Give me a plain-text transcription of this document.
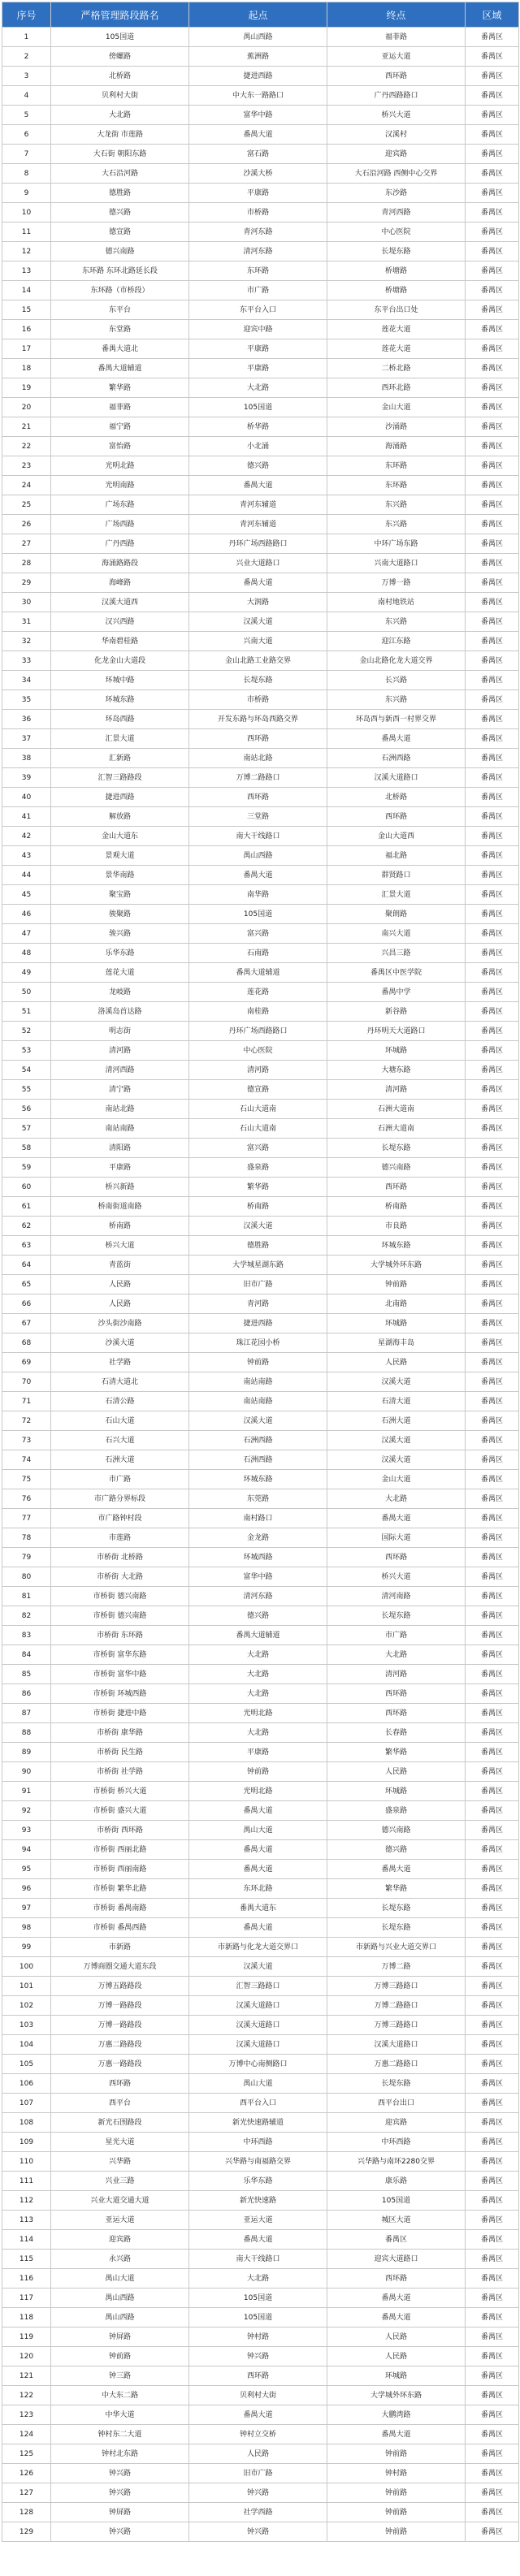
序号	严格管理路段路名	起点	终点	区域
1	105国道	禺山西路	福菲路	番禺区
2	傍螺路	蕉洲路	亚运大道	番禺区
3	北桥路	捷进西路	西环路	番禺区
4	贝利村大街	中大东一路路口	广丹西路路口	番禺区
5	大北路	富华中路	桥兴大道	番禺区
6	大龙街 市莲路	番禺大道	汉溪村	番禺区
7	大石街 朝阳东路	富石路	迎宾路	番禺区
8	大石沿河路	沙溪大桥	大石沿河路 西侧中心交界	番禺区
9	德胜路	平康路	东沙路	番禺区
10	德兴路	市桥路	青河西路	番禺区
11	德宣路	青河东路	中心医院	番禺区
12	德兴南路	清河东路	长堤东路	番禺区
13	东环路 东环北路延长段	东环路	桥塘路	番禺区
14	东环路（市桥段）	市广路	桥塘路	番禺区
15	东平台	东平台入口	东平台出口处	番禺区
16	东堂路	迎宾中路	莲花大道	番禺区
17	番禺大道北	平康路	莲花大道	番禺区
18	番禺大道辅道	平康路	二桥北路	番禺区
19	繁华路	大北路	西环北路	番禺区
20	福菲路	105国道	金山大道	番禺区
21	福宁路	桥华路	沙涌路	番禺区
22	富怡路	小北涌	海涌路	番禺区
23	光明北路	德兴路	东环路	番禺区
24	光明南路	番禺大道	东环路	番禺区
25	广场东路	青河东辅道	东兴路	番禺区
26	广场西路	青河东辅道	东兴路	番禺区
27	广丹西路	丹环广场西路路口	中环广场东路	番禺区
28	海涌路路段	兴业大道路口	兴南大道路口	番禺区
29	海峰路	番禺大道	万博一路	番禺区
30	汉溪大道西	大润路	南村地铁站	番禺区
31	汉兴西路	汉溪大道	东兴路	番禺区
32	华南碧桂路	兴南大道	迎江东路	番禺区
33	化龙金山大道段	金山北路工业路交界	金山北路化龙大道交界	番禺区
34	环城中路	长堤东路	长兴路	番禺区
35	环城东路	市桥路	东兴路	番禺区
36	环岛西路	开发东路与环岛西路交界	环岛西与新西一村界交界	番禺区
37	汇景大道	西环路	番禺大道	番禺区
38	汇新路	南站北路	石洲西路	番禺区
39	汇智三路路段	万博二路路口	汉溪大道路口	番禺区
40	捷进西路	西环路	北桥路	番禺区
41	解放路	三堂路	西环路	番禺区
42	金山大道东	南大干线路口	金山大道西	番禺区
43	景观大道	禺山西路	福北路	番禺区
44	景华南路	番禺大道	群贤路口	番禺区
45	聚宝路	南华路	汇景大道	番禺区
46	骏聚路	105国道	聚朗路	番禺区
47	骏兴路	富兴路	南兴大道	番禺区
48	乐华东路	石南路	兴昌三路	番禺区
49	莲花大道	番禺大道辅道	番禺区中医学院	番禺区
50	龙岐路	莲花路	番禺中学	番禺区
51	洛溪岛首达路	南桂路	新谷路	番禺区
52	明志街	丹环广场西路路口	丹环明天大道路口	番禺区
53	清河路	中心医院	环城路	番禺区
54	清河西路	清河路	大塘东路	番禺区
55	清宁路	德宣路	清河路	番禺区
56	南站北路	石山大道南	石洲大道南	番禺区
57	南站南路	石山大道南	石洲大道南	番禺区
58	清阳路	富兴路	长堤东路	番禺区
59	平康路	盛泉路	德兴南路	番禺区
60	桥兴新路	繁华路	西环路	番禺区
61	桥南街道南路	桥南路	桥南路	番禺区
62	桥南路	汉溪大道	市良路	番禺区
63	桥兴大道	德胜路	环城东路	番禺区
64	青蓝街	大学城星湖东路	大学城外环东路	番禺区
65	人民路	旧市广路	钟前路	番禺区
66	人民路	青河路	北南路	番禺区
67	沙头街沙南路	捷进西路	环城路	番禺区
68	沙溪大道	珠江花园小桥	星湖海丰岛	番禺区
69	社学路	钟前路	人民路	番禺区
70	石清大道北	南站南路	汉溪大道	番禺区
71	石清公路	南站南路	石清大道	番禺区
72	石山大道	汉溪大道	石洲大道	番禺区
73	石兴大道	石洲西路	汉溪大道	番禺区
74	石洲大道	石洲西路	汉溪大道	番禺区
75	市广路	环城东路	金山大道	番禺区
76	市广路分界标段	东莞路	大北路	番禺区
77	市广路钟村段	南村路口	番禺大道	番禺区
78	市莲路	金龙路	国际大道	番禺区
79	市桥街 北桥路	环城西路	西环路	番禺区
80	市桥街 大北路	富华中路	桥兴大道	番禺区
81	市桥街 德兴南路	清河东路	清河南路	番禺区
82	市桥街 德兴南路	德兴路	长堤东路	番禺区
83	市桥街 东环路	番禺大道辅道	市广路	番禺区
84	市桥街 富华东路	大北路	大北路	番禺区
85	市桥街 富华中路	大北路	清河路	番禺区
86	市桥街 环城西路	大北路	西环路	番禺区
87	市桥街 捷进中路	光明北路	西环路	番禺区
88	市桥街 康华路	大北路	长春路	番禺区
89	市桥街 民生路	平康路	繁华路	番禺区
90	市桥街 社学路	钟前路	人民路	番禺区
91	市桥街 桥兴大道	光明北路	环城路	番禺区
92	市桥街 盛兴大道	番禺大道	盛泉路	番禺区
93	市桥街 西环路	禺山大道	德兴南路	番禺区
94	市桥街 西丽北路	番禺大道	德兴路	番禺区
95	市桥街 西丽南路	番禺大道	番禺大道	番禺区
96	市桥街 繁华北路	东环北路	繁华路	番禺区
97	市桥街 番禺南路	番禺大道东	长堤东路	番禺区
98	市桥街 番禺西路	番禺大道	长堤东路	番禺区
99	市新路	市新路与化龙大道交界口	市新路与兴业大道交界口	番禺区
100	万博商圈交通大道东段	汉溪大道	万博二路	番禺区
101	万博五路路段	汇智三路路口	万博三路路口	番禺区
102	万博一路路段	汉溪大道路口	万博二路路口	番禺区
103	万博一路路段	汉溪大道路口	万博三路路口	番禺区
104	万惠二路路段	汉溪大道路口	汉溪大道路口	番禺区
105	万惠一路路段	万博中心南侧路口	万惠二路路口	番禺区
106	西环路	禺山大道	长堤东路	番禺区
107	西平台	西平台入口	西平台出口	番禺区
108	新光石围路段	新光快速路辅道	迎宾路	番禺区
109	星光大道	中环西路	中环西路	番禺区
110	兴华路	兴华路与南福路交界	兴华路与南环2280交界	番禺区
111	兴业三路	乐华东路	康乐路	番禺区
112	兴业大道交通大道	新光快速路	105国道	番禺区
113	亚运大道	亚运大道	城区大道	番禺区
114	迎宾路	番禺大道	番禺区	番禺区
115	永兴路	南大干线路口	迎宾大道路口	番禺区
116	禺山大道	大北路	西环路	番禺区
117	禺山西路	105国道	番禺大道	番禺区
118	禺山西路	105国道	番禺大道	番禺区
119	钟屏路	钟村路	人民路	番禺区
120	钟前路	钟兴路	人民路	番禺区
121	钟三路	西环路	环城路	番禺区
122	中大东二路	贝利村大街	大学城外环东路	番禺区
123	中华大道	番禺大道	大鹏湾路	番禺区
124	钟村东二大道	钟村立交桥	番禺大道	番禺区
125	钟村北东路	人民路	钟前路	番禺区
126	钟兴路	旧市广路	钟村路	番禺区
127	钟兴路	钟兴路	钟前路	番禺区
128	钟屏路	社学西路	钟前路	番禺区
129	钟兴路	钟兴路	钟前路	番禺区
